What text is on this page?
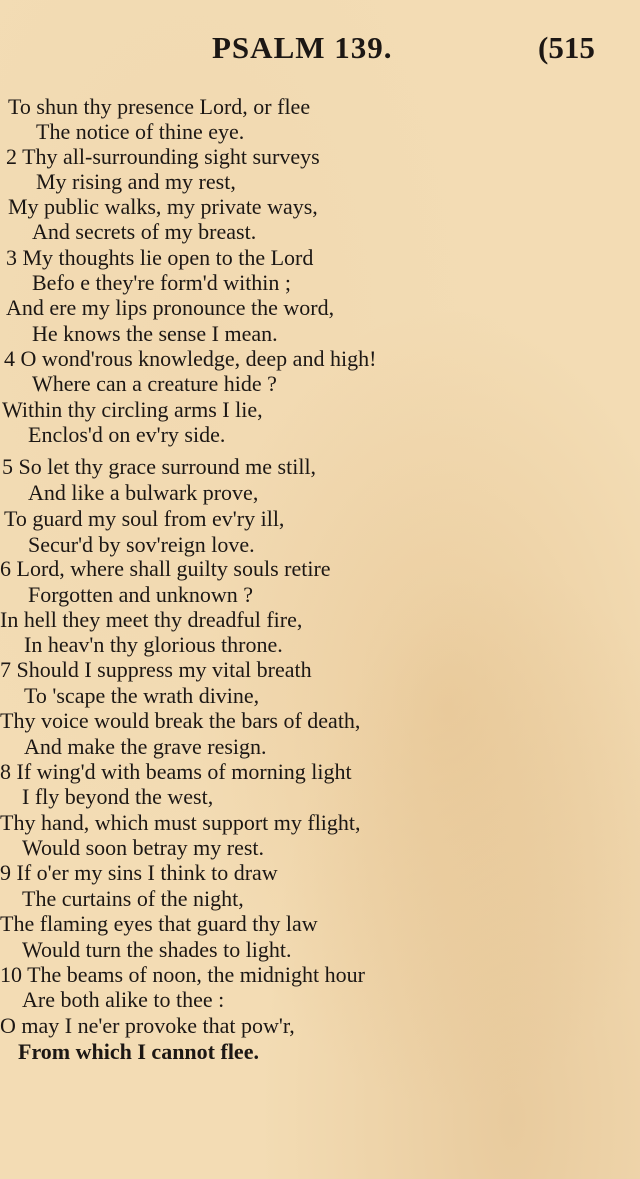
PSALM 139.	(515
To shun thy presence Lord, or flee
The notice of thine eye.
2 Thy all-surrounding sight surveys
My rising and my rest,
My public walks, my private ways,
And secrets of my breast.
3 My thoughts lie open to the Lord
Befo e they're form'd within ;
And ere my lips pronounce the word,
He knows the sense I mean.
4 O wond'rous knowledge, deep and high!
Where can a creature hide ?
Within thy circling arms I lie,
Enclos'd on ev'ry side.
5 So let thy grace surround me still,
And like a bulwark prove,
To guard my soul from ev'ry ill,
Secur'd by sov'reign love.
6 Lord, where shall guilty souls retire
Forgotten and unknown ?
In hell they meet thy dreadful fire,
In heav'n thy glorious throne.
7 Should I suppress my vital breath
To 'scape the wrath divine,
Thy voice would break the bars of death,
And make the grave resign.
8 If wing'd with beams of morning light
I fly beyond the west,
Thy hand, which must support my flight,
Would soon betray my rest.
9 If o'er my sins I think to draw
The curtains of the night,
The flaming eyes that guard thy law
Would turn the shades to light.
10 The beams of noon, the midnight hour
Are both alike to thee :
O may I ne'er provoke that pow'r,
From which I cannot flee.
